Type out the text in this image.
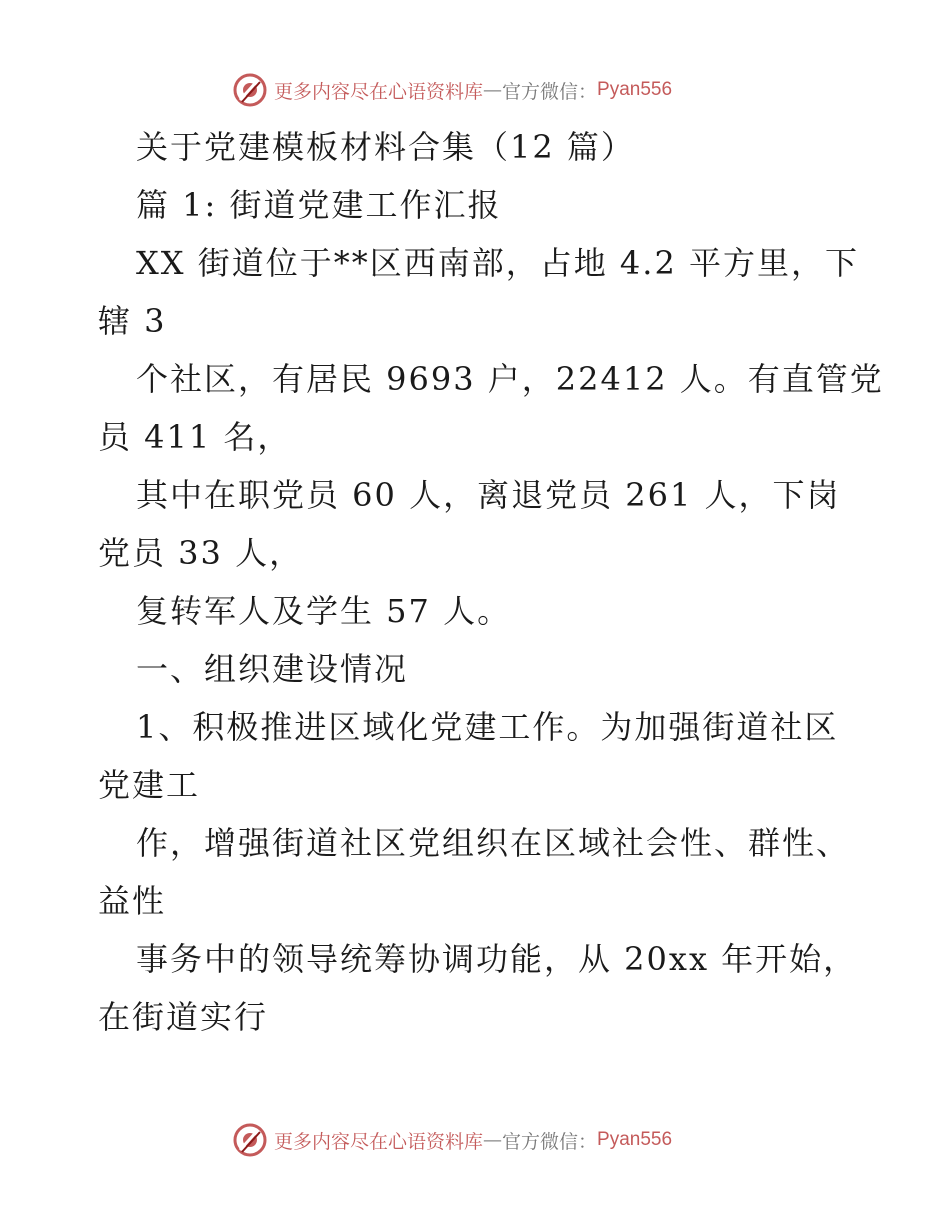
更多内容尽在心语资料库 — 官方微信： Pyan556
关于党建模板材料合集（12 篇）
篇 1: 街道党建工作汇报
XX 街道位于**区西南部，占地 4.2 平方里，下
辖 3
个社区，有居民 9693 户，22412 人。有直管党
员 411 名，
其中在职党员 60 人，离退党员 261 人，下岗
党员 33 人，
复转军人及学生 57 人。
一、组织建设情况
1、积极推进区域化党建工作。为加强街道社区
党建工
作，增强街道社区党组织在区域社会性、群性、
益性
事务中的领导统筹协调功能，从 20xx 年开始，
在街道实行
更多内容尽在心语资料库 — 官方微信： Pyan556
